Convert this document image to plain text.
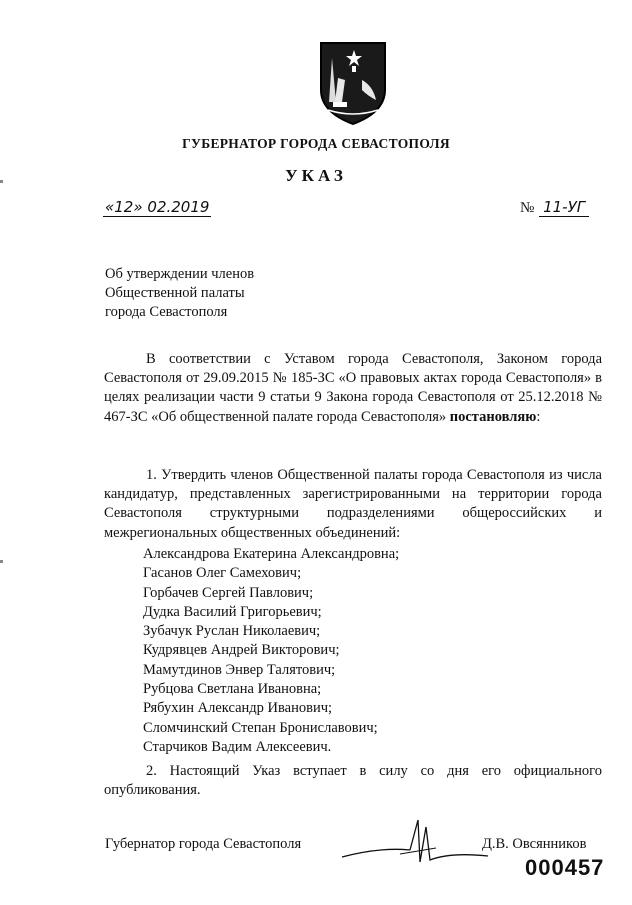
ГУБЕРНАТОР ГОРОДА СЕВАСТОПОЛЯ
УКАЗ
«12» 02.2019	№ 11-УГ
Об утверждении членов
Общественной палаты
города Севастополя

В соответствии с Уставом города Севастополя, Законом города Севастополя от 29.09.2015 № 185-ЗС «О правовых актах города Севастополя» в целях реализации части 9 статьи 9 Закона города Севастополя от 25.12.2018 № 467-ЗС «Об общественной палате города Севастополя» постановляю:

1. Утвердить членов Общественной палаты города Севастополя из числа кандидатур, представленных зарегистрированными на территории города Севастополя структурными подразделениями общероссийских и межрегиональных общественных объединений:

Александрова Екатерина Александровна;
Гасанов Олег Самехович;
Горбачев Сергей Павлович;
Дудка Василий Григорьевич;
Зубачук Руслан Николаевич;
Кудрявцев Андрей Викторович;
Мамутдинов Энвер Талятович;
Рубцова Светлана Ивановна;
Рябухин Александр Иванович;
Сломчинский Степан Брониславович;
Старчиков Вадим Алексеевич.

2. Настоящий Указ вступает в силу со дня его официального опубликования.

Губернатор города Севастополя	Д.В. Овсянников
000457
